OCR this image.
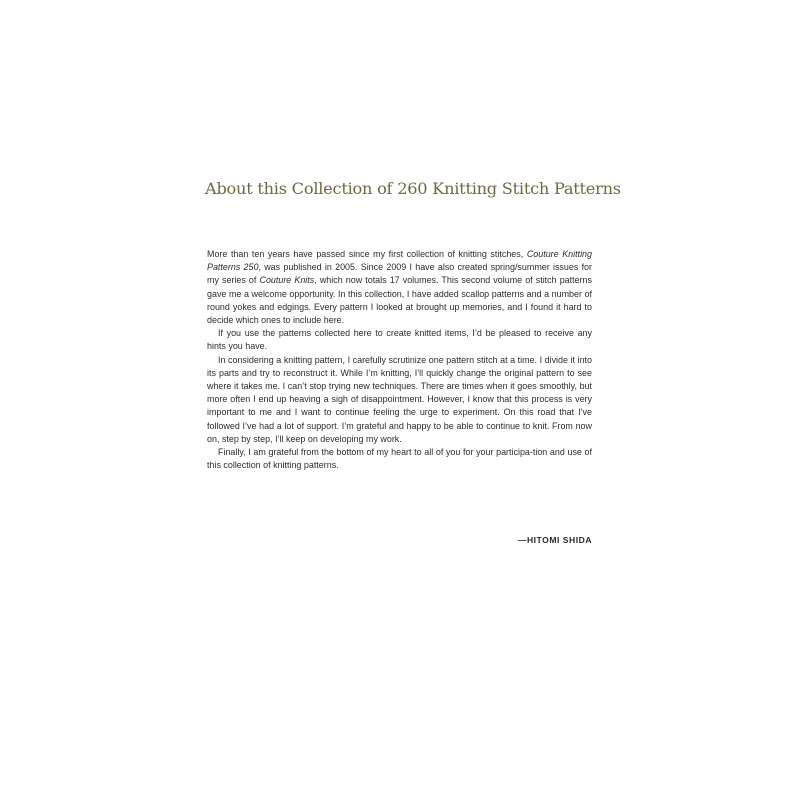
About this Collection of 260 Knitting Stitch Patterns

More than ten years have passed since my first collection of knitting stitches, Couture Knitting Patterns 250, was published in 2005. Since 2009 I have also created spring/summer issues for my series of Couture Knits, which now totals 17 volumes. This second volume of stitch patterns gave me a welcome opportunity. In this collection, I have added scallop patterns and a number of round yokes and edgings. Every pattern I looked at brought up memories, and I found it hard to decide which ones to include here.

If you use the patterns collected here to create knitted items, I’d be pleased to receive any hints you have.

In considering a knitting pattern, I carefully scrutinize one pattern stitch at a time. I divide it into its parts and try to reconstruct it. While I’m knitting, I’ll quickly change the original pattern to see where it takes me. I can’t stop trying new techniques. There are times when it goes smoothly, but more often I end up heaving a sigh of disappointment. However, I know that this process is very important to me and I want to continue feeling the urge to experiment. On this road that I’ve followed I’ve had a lot of support. I’m grateful and happy to be able to continue to knit. From now on, step by step, I’ll keep on developing my work.

Finally, I am grateful from the bottom of my heart to all of you for your participa-tion and use of this collection of knitting patterns.

—HITOMI SHIDA
